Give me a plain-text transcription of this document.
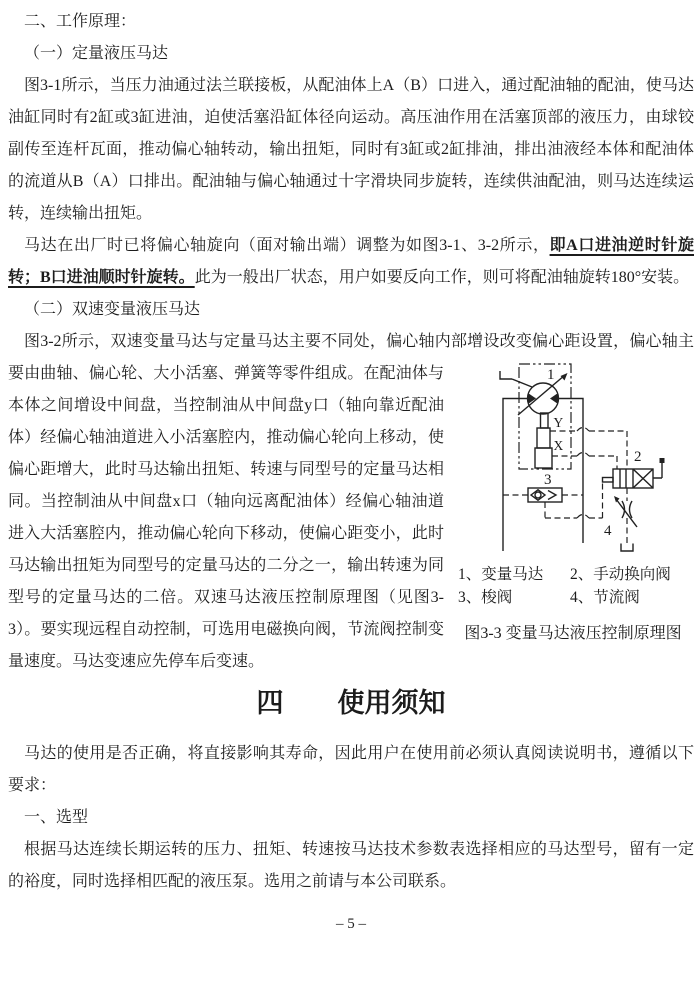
二、工作原理：
（一）定量液压马达
图3-1所示，当压力油通过法兰联接板，从配油体上A（B）口进入，通过配油轴的配油，使马达油缸同时有2缸或3缸进油，迫使活塞沿缸体径向运动。高压油作用在活塞顶部的液压力，由球铰副传至连杆瓦面，推动偏心轴转动，输出扭矩，同时有3缸或2缸排油，排出油液经本体和配油体的流道从B（A）口排出。配油轴与偏心轴通过十字滑块同步旋转，连续供油配油，则马达连续运转，连续输出扭矩。
马达在出厂时已将偏心轴旋向（面对输出端）调整为如图3-1、3-2所示，即A口进油逆时针旋转；B口进油顺时针旋转。此为一般出厂状态，用户如要反向工作，则可将配油轴旋转180°安装。
（二）双速变量液压马达
图3-2所示，双速变量马达与定量马达主要不同处，偏心轴内部增设改变偏心距设置，偏心轴主
1
Y
X
3
2
4
1、变量马达	2、手动换向阀
3、梭阀	4、节流阀
图3-3 变量马达液压控制原理图
要由曲轴、偏心轮、大小活塞、弹簧等零件组成。在配油体与本体之间增设中间盘，当控制油从中间盘y口（轴向靠近配油体）经偏心轴油道进入小活塞腔内，推动偏心轮向上移动，使偏心距增大，此时马达输出扭矩、转速与同型号的定量马达相同。当控制油从中间盘x口（轴向远离配油体）经偏心轴油道进入大活塞腔内，推动偏心轮向下移动，使偏心距变小，此时马达输出扭矩为同型号的定量马达的二分之一，输出转速为同型号的定量马达的二倍。双速马达液压控制原理图（见图3-3）。要实现远程自动控制，可选用电磁换向阀，节流阀控制变量速度。马达变速应先停车后变速。
四　　使用须知
马达的使用是否正确，将直接影响其寿命，因此用户在使用前必须认真阅读说明书，遵循以下要求：
一、选型
根据马达连续长期运转的压力、扭矩、转速按马达技术参数表选择相应的马达型号，留有一定的裕度，同时选择相匹配的液压泵。选用之前请与本公司联系。
– 5 –
